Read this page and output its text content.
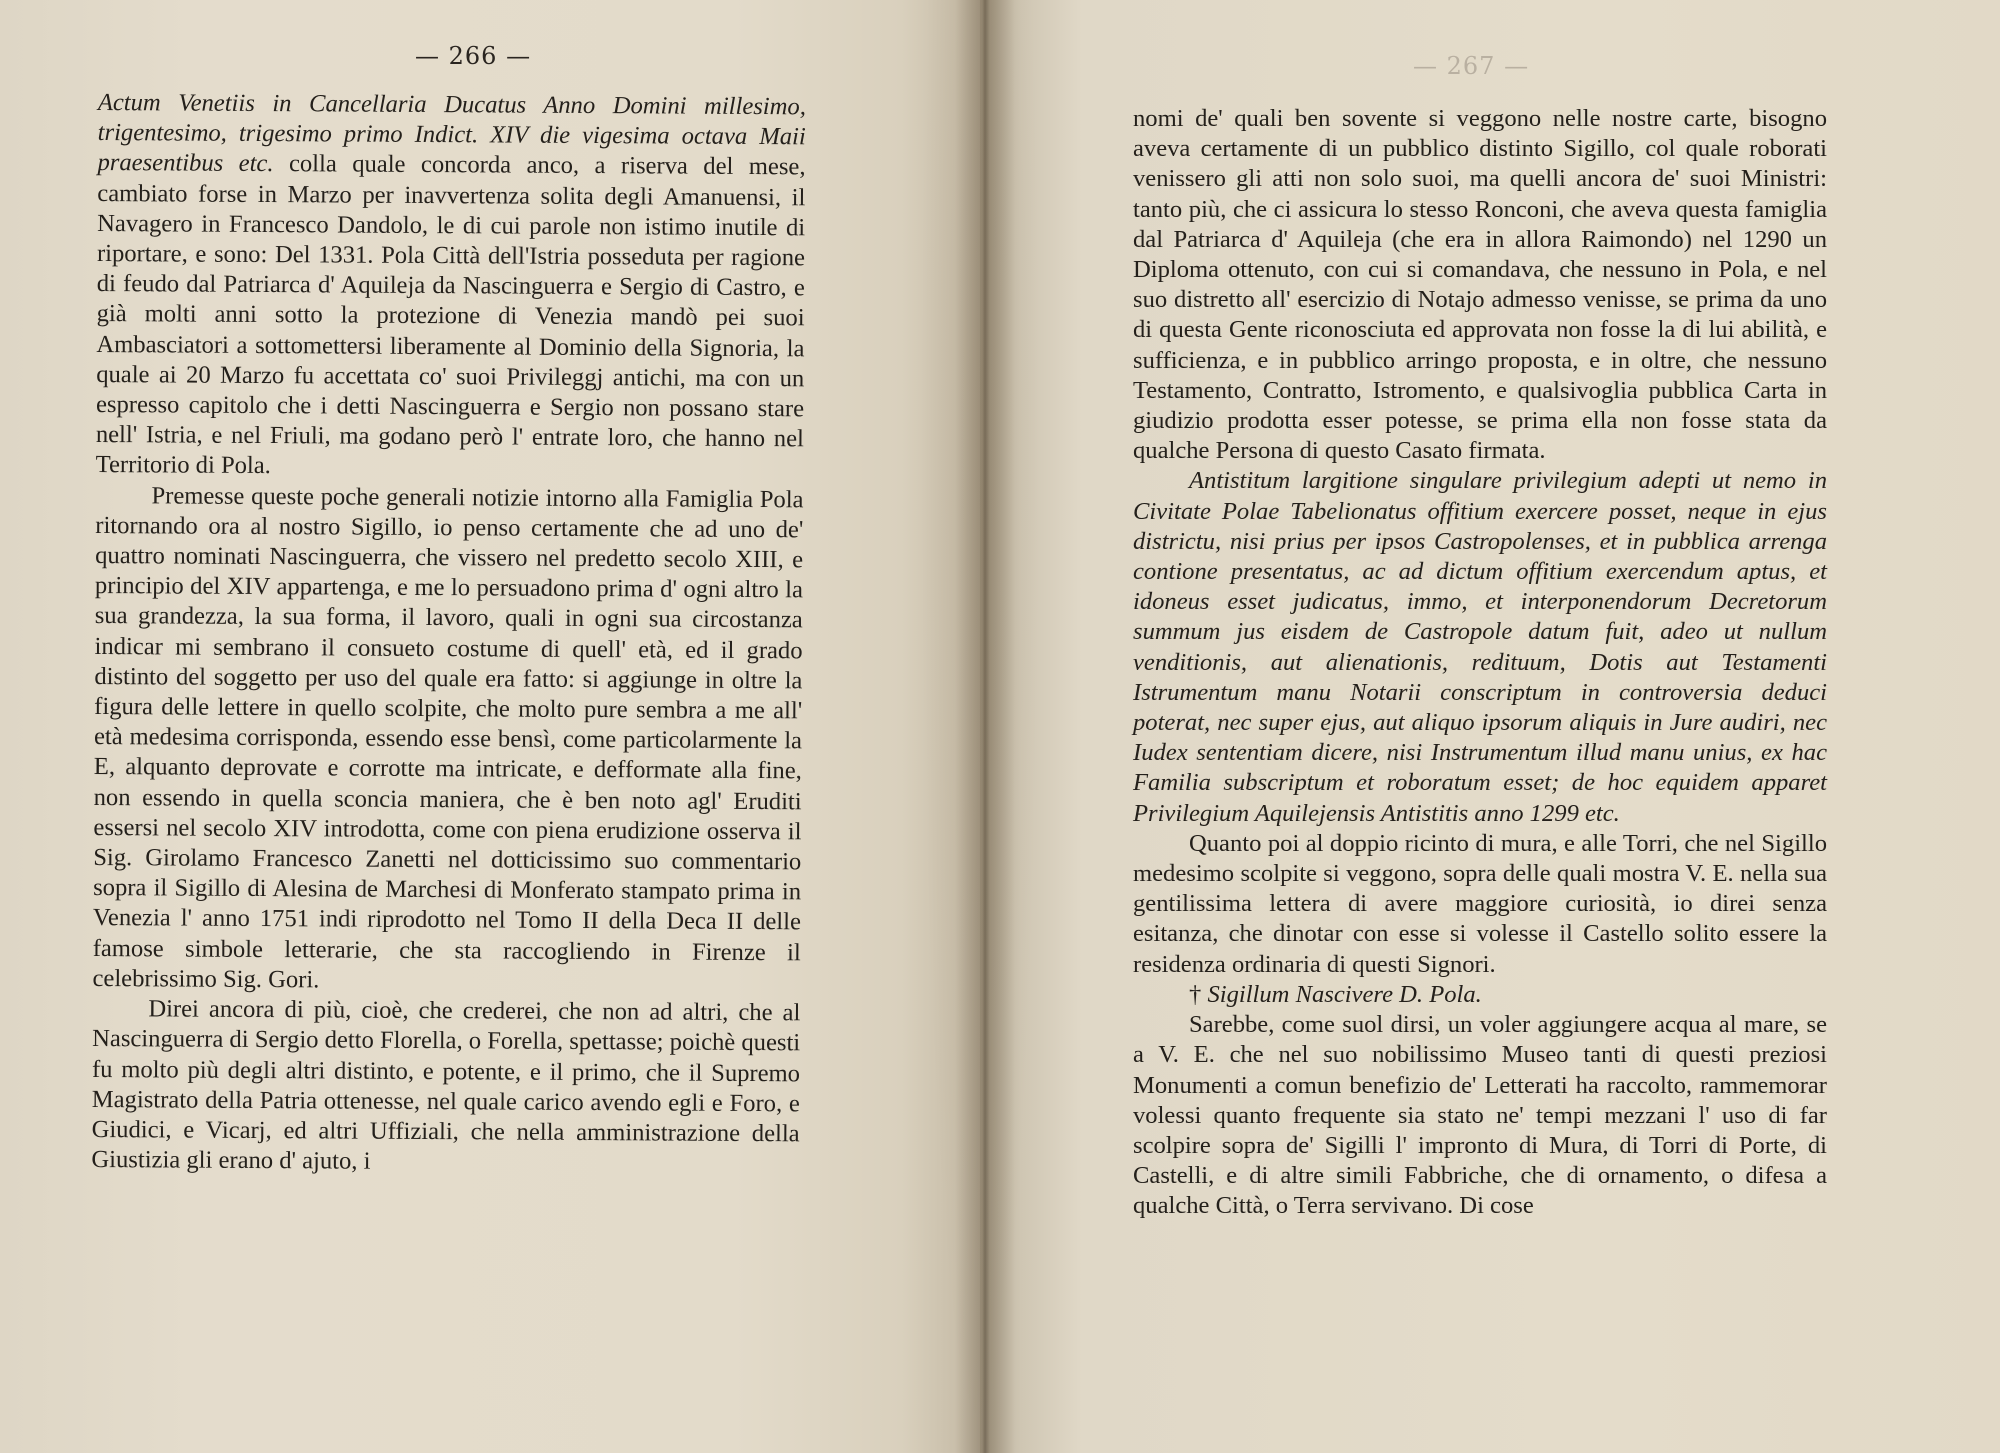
— 266 —

Actum Venetiis in Cancellaria Ducatus Anno Domini millesimo, trigentesimo, trigesimo primo Indict. XIV die vigesima octava Maii praesentibus etc. colla quale concorda anco, a riserva del mese, cambiato forse in Marzo per inavvertenza solita degli Amanuensi, il Navagero in Francesco Dandolo, le di cui parole non istimo inutile di riportare, e sono: Del 1331. Pola Città dell'Istria posseduta per ragione di feudo dal Patriarca d' Aquileja da Nascinguerra e Sergio di Castro, e già molti anni sotto la protezione di Venezia mandò pei suoi Ambasciatori a sottomettersi liberamente al Dominio della Signoria, la quale ai 20 Marzo fu accettata co' suoi Privileggj antichi, ma con un espresso capitolo che i detti Nascinguerra e Sergio non possano stare nell' Istria, e nel Friuli, ma godano però l' entrate loro, che hanno nel Territorio di Pola.

Premesse queste poche generali notizie intorno alla Famiglia Pola ritornando ora al nostro Sigillo, io penso certamente che ad uno de' quattro nominati Nascinguerra, che vissero nel predetto secolo XIII, e principio del XIV appartenga, e me lo persuadono prima d' ogni altro la sua grandezza, la sua forma, il lavoro, quali in ogni sua circostanza indicar mi sembrano il consueto costume di quell' età, ed il grado distinto del soggetto per uso del quale era fatto: si aggiunge in oltre la figura delle lettere in quello scolpite, che molto pure sembra a me all' età medesima corrisponda, essendo esse bensì, come particolarmente la E, alquanto deprovate e corrotte ma intricate, e defformate alla fine, non essendo in quella sconcia maniera, che è ben noto agl' Eruditi essersi nel secolo XIV introdotta, come con piena erudizione osserva il Sig. Girolamo Francesco Zanetti nel dotticissimo suo commentario sopra il Sigillo di Alesina de Marchesi di Monferato stampato prima in Venezia l' anno 1751 indi riprodotto nel Tomo II della Deca II delle famose simbole letterarie, che sta raccogliendo in Firenze il celebrissimo Sig. Gori.

Direi ancora di più, cioè, che crederei, che non ad altri, che al Nascinguerra di Sergio detto Florella, o Forella, spettasse; poichè questi fu molto più degli altri distinto, e potente, e il primo, che il Supremo Magistrato della Patria ottenesse, nel quale carico avendo egli e Foro, e Giudici, e Vicarj, ed altri Uffiziali, che nella amministrazione della Giustizia gli erano d' ajuto, i

— 267 —

nomi de' quali ben sovente si veggono nelle nostre carte, bisogno aveva certamente di un pubblico distinto Sigillo, col quale roborati venissero gli atti non solo suoi, ma quelli ancora de' suoi Ministri: tanto più, che ci assicura lo stesso Ronconi, che aveva questa famiglia dal Patriarca d' Aquileja (che era in allora Raimondo) nel 1290 un Diploma ottenuto, con cui si comandava, che nessuno in Pola, e nel suo distretto all' esercizio di Notajo admesso venisse, se prima da uno di questa Gente riconosciuta ed approvata non fosse la di lui abilità, e sufficienza, e in pubblico arringo proposta, e in oltre, che nessuno Testamento, Contratto, Istromento, e qualsivoglia pubblica Carta in giudizio prodotta esser potesse, se prima ella non fosse stata da qualche Persona di questo Casato firmata.

Antistitum largitione singulare privilegium adepti ut nemo in Civitate Polae Tabelionatus offitium exercere posset, neque in ejus districtu, nisi prius per ipsos Castropolenses, et in pubblica arrenga contione presentatus, ac ad dictum offitium exercendum aptus, et idoneus esset judicatus, immo, et interponendorum Decretorum summum jus eisdem de Castropole datum fuit, adeo ut nullum venditionis, aut alienationis, redituum, Dotis aut Testamenti Istrumentum manu Notarii conscriptum in controversia deduci poterat, nec super ejus, aut aliquo ipsorum aliquis in Jure audiri, nec Iudex sententiam dicere, nisi Instrumentum illud manu unius, ex hac Familia subscriptum et roboratum esset; de hoc equidem apparet Privilegium Aquilejensis Antistitis anno 1299 etc.

Quanto poi al doppio ricinto di mura, e alle Torri, che nel Sigillo medesimo scolpite si veggono, sopra delle quali mostra V. E. nella sua gentilissima lettera di avere maggiore curiosità, io direi senza esitanza, che dinotar con esse si volesse il Castello solito essere la residenza ordinaria di questi Signori.

† Sigillum Nascivere D. Pola.

Sarebbe, come suol dirsi, un voler aggiungere acqua al mare, se a V. E. che nel suo nobilissimo Museo tanti di questi preziosi Monumenti a comun benefizio de' Letterati ha raccolto, rammemorar volessi quanto frequente sia stato ne' tempi mezzani l' uso di far scolpire sopra de' Sigilli l' impronto di Mura, di Torri di Porte, di Castelli, e di altre simili Fabbriche, che di ornamento, o difesa a qualche Città, o Terra servivano. Di cose
